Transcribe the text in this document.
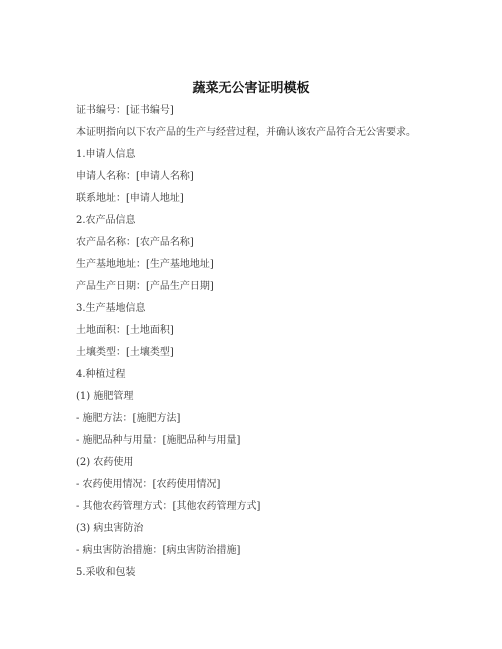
蔬菜无公害证明模板
证书编号：[证书编号]
本证明指向以下农产品的生产与经营过程，并确认该农产品符合无公害要求。
1.申请人信息
申请人名称：[申请人名称]
联系地址：[申请人地址]
2.农产品信息
农产品名称：[农产品名称]
生产基地地址：[生产基地地址]
产品生产日期：[产品生产日期]
3.生产基地信息
土地面积：[土地面积]
土壤类型：[土壤类型]
4.种植过程
(1) 施肥管理
- 施肥方法：[施肥方法]
- 施肥品种与用量：[施肥品种与用量]
(2) 农药使用
- 农药使用情况：[农药使用情况]
- 其他农药管理方式：[其他农药管理方式]
(3) 病虫害防治
- 病虫害防治措施：[病虫害防治措施]
5.采收和包装
